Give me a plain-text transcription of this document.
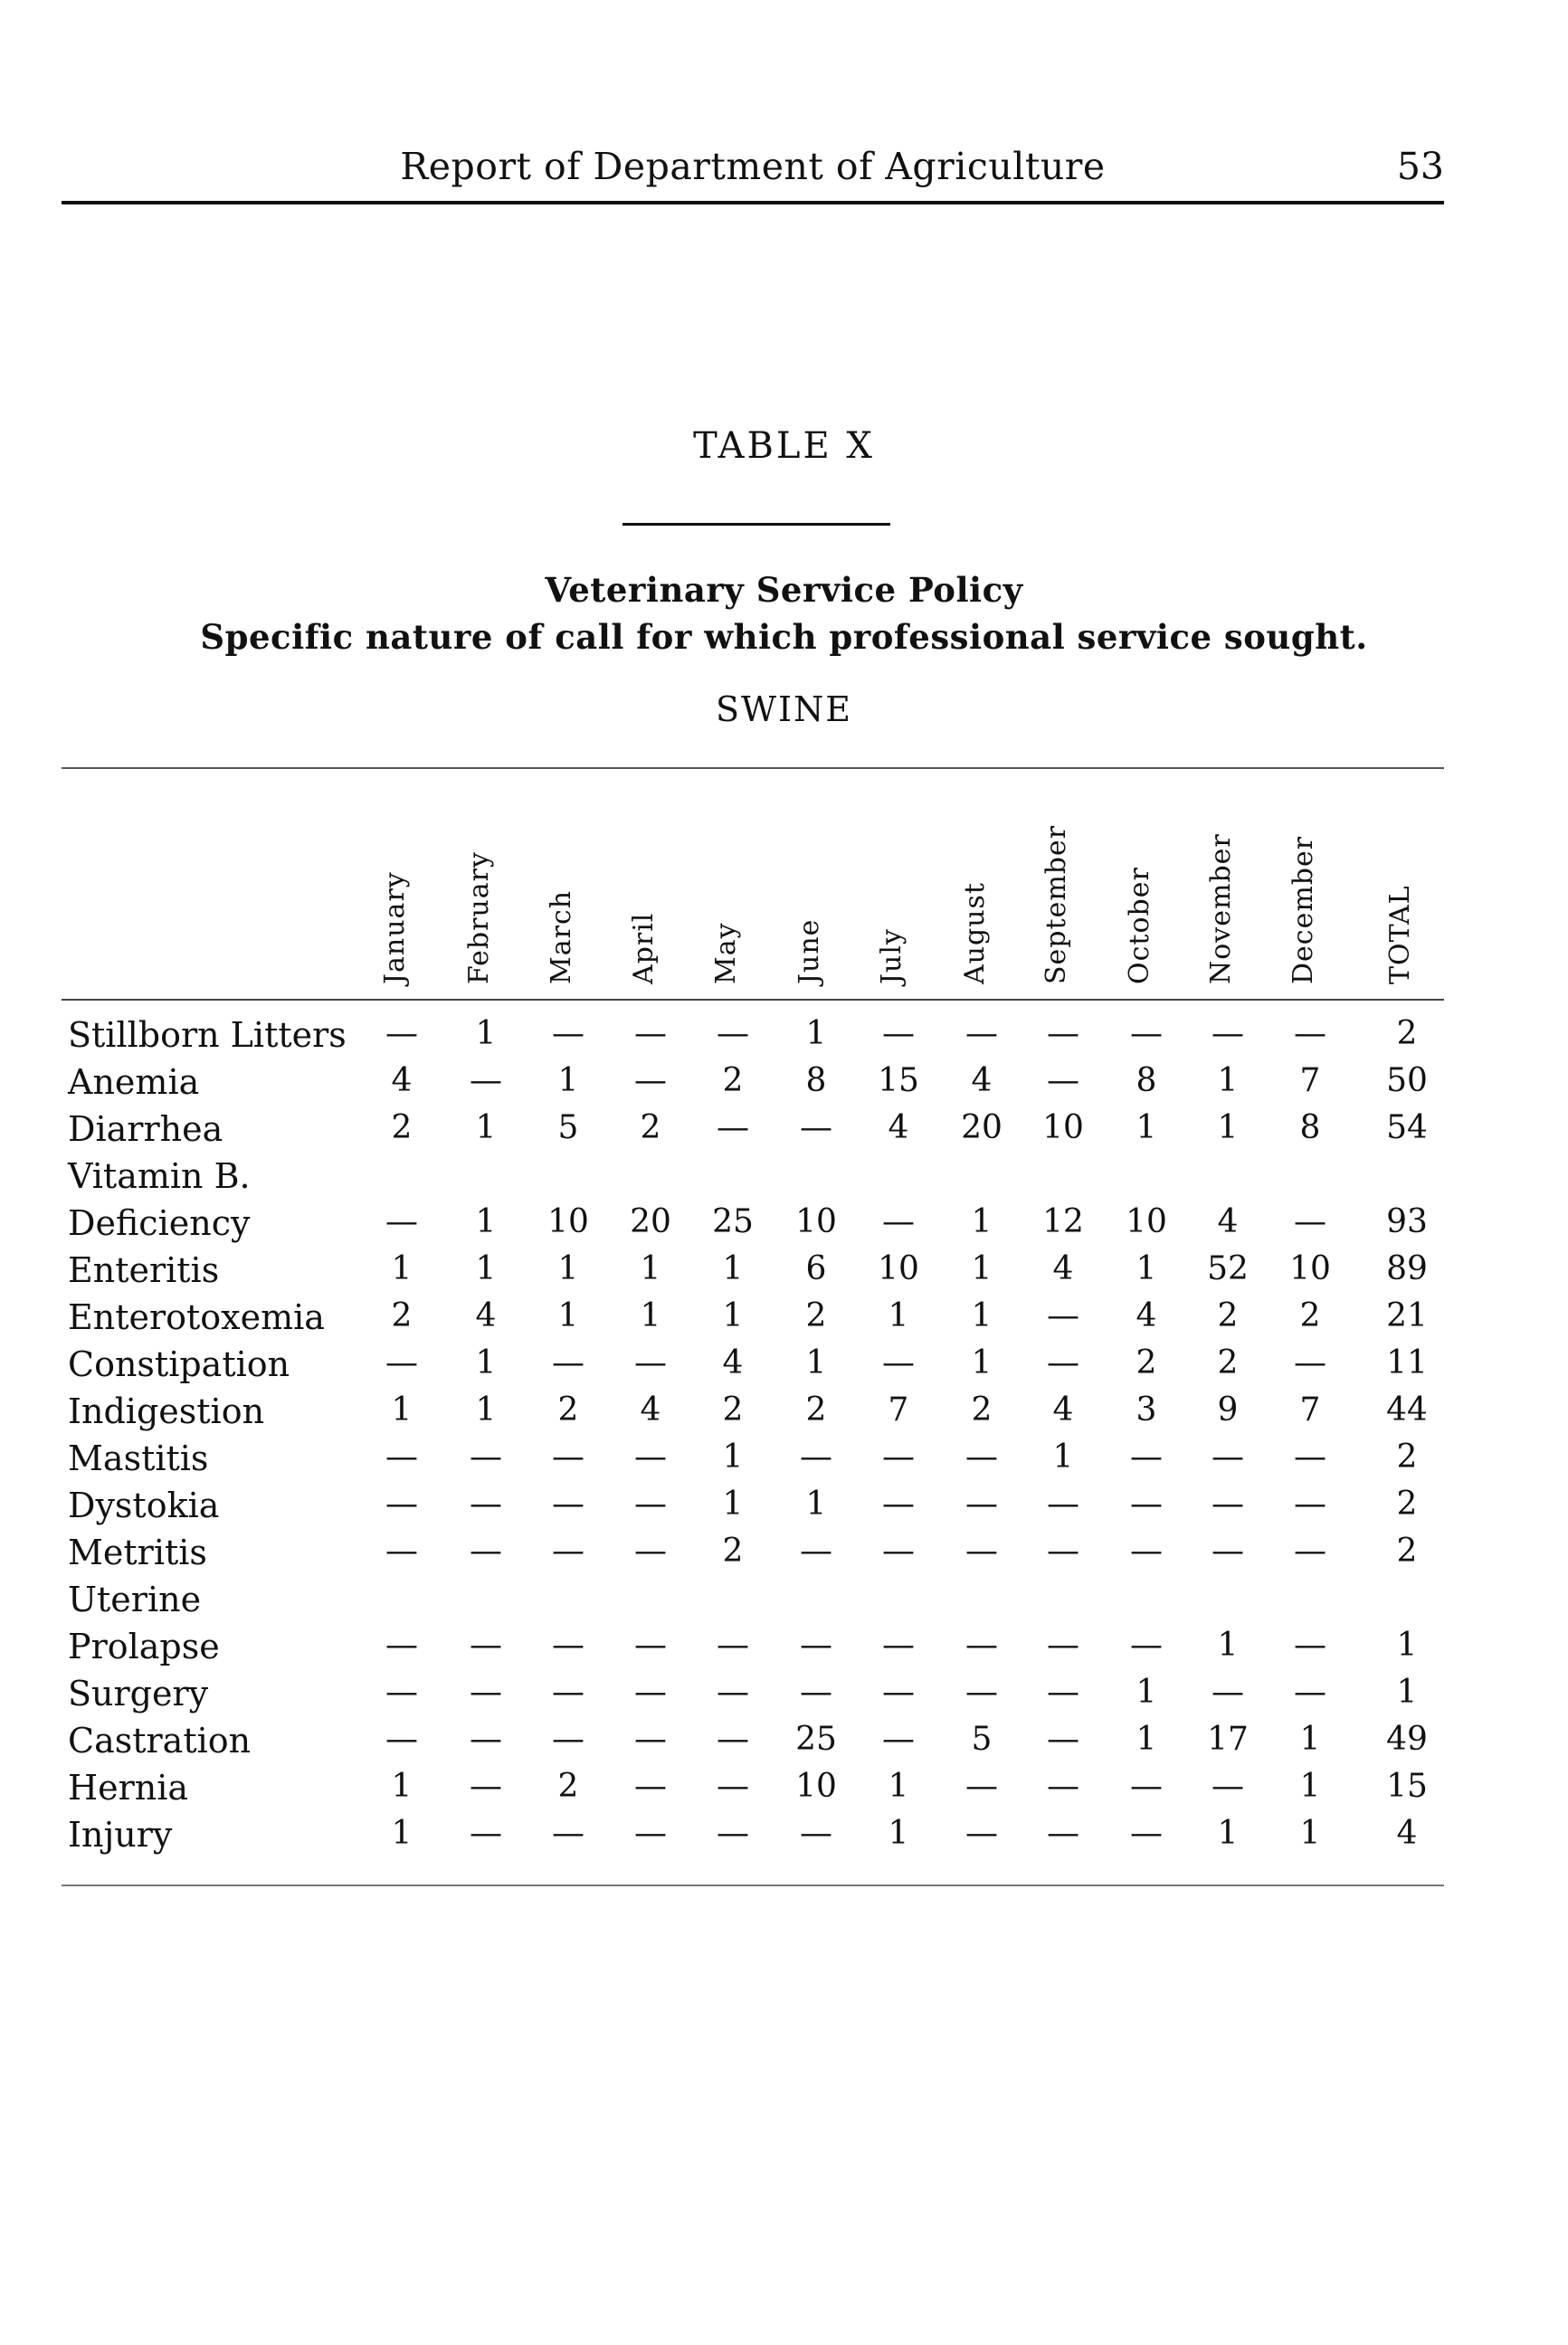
Report of Department of Agriculture	53
TABLE X
Veterinary Service Policy
Specific nature of call for which professional service sought.
SWINE
January February March April May June July August September October November December TOTAL
Stillborn Litters	—	1	—	—	—	1	—	—	—	—	—	—	2
Anemia	4	—	1	—	2	8	15	4	—	8	1	7	50
Diarrhea	2	1	5	2	—	—	4	20	10	1	1	8	54
Vitamin B.
Deficiency	—	1	10	20	25	10	—	1	12	10	4	—	93
Enteritis	1	1	1	1	1	6	10	1	4	1	52	10	89
Enterotoxemia	2	4	1	1	1	2	1	1	—	4	2	2	21
Constipation	—	1	—	—	4	1	—	1	—	2	2	—	11
Indigestion	1	1	2	4	2	2	7	2	4	3	9	7	44
Mastitis	—	—	—	—	1	—	—	—	1	—	—	—	2
Dystokia	—	—	—	—	1	1	—	—	—	—	—	—	2
Metritis	—	—	—	—	2	—	—	—	—	—	—	—	2
Uterine
Prolapse	—	—	—	—	—	—	—	—	—	—	1	—	1
Surgery	—	—	—	—	—	—	—	—	—	1	—	—	1
Castration	—	—	—	—	—	25	—	5	—	1	17	1	49
Hernia	1	—	2	—	—	10	1	—	—	—	—	1	15
Injury	1	—	—	—	—	—	1	—	—	—	1	1	4
